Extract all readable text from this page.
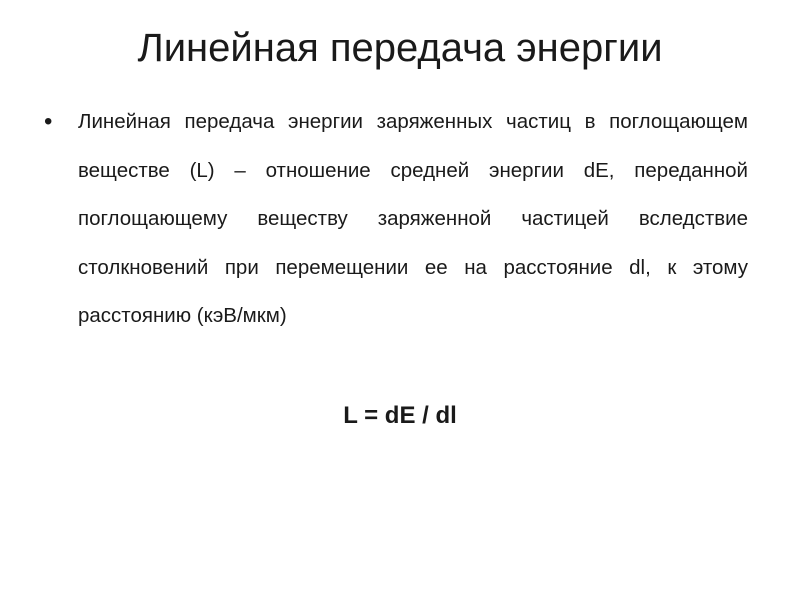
Линейная передача энергии
• Линейная передача энергии заряженных частиц в поглощающем веществе (L) – отношение средней энергии dE, переданной поглощающему веществу заряженной частицей вследствие столкновений при перемещении ее на расстояние dl, к этому расстоянию (кэВ/мкм)

L = dE / dl
